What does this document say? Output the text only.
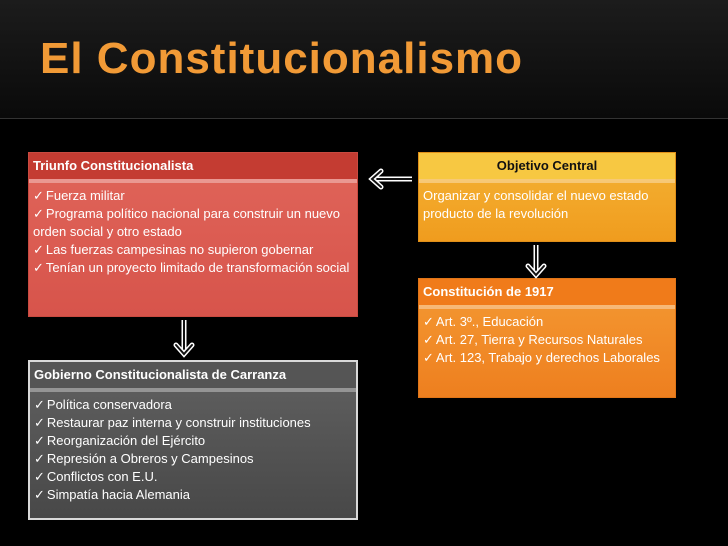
El Constitucionalismo
Triunfo Constitucionalista
✓ Fuerza militar
✓ Programa político nacional para construir un nuevo orden social y otro estado
✓ Las fuerzas campesinas no supieron gobernar
✓ Tenían un proyecto limitado de transformación social
Objetivo Central
Organizar y consolidar el nuevo estado producto de la revolución
Constitución de 1917
✓ Art. 3º., Educación
✓ Art. 27, Tierra y Recursos Naturales
✓ Art. 123, Trabajo y derechos Laborales
Gobierno Constitucionalista de Carranza
✓ Política conservadora
✓ Restaurar paz interna y construir instituciones
✓ Reorganización del Ejército
✓ Represión a Obreros y Campesinos
✓ Conflictos con E.U.
✓ Simpatía hacia Alemania
